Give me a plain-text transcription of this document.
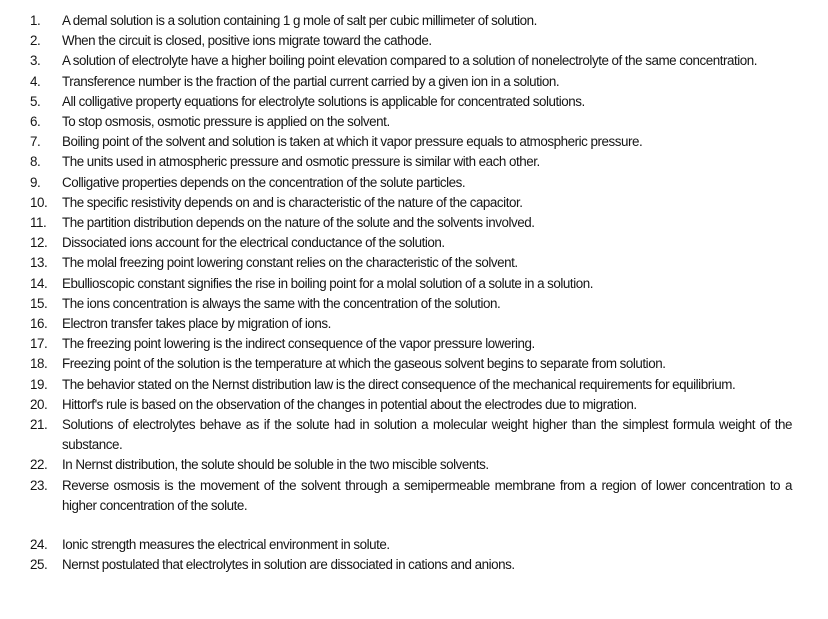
1.	A demal solution is a solution containing 1 g mole of salt per cubic millimeter of solution.
2.	When the circuit is closed, positive ions migrate toward the cathode.
3.	A solution of electrolyte have a higher boiling point elevation compared to a solution of nonelectrolyte of the same concentration.
4.	Transference number is the fraction of the partial current carried by a given ion in a solution.
5.	All colligative property equations for electrolyte solutions is applicable for concentrated solutions.
6.	To stop osmosis, osmotic pressure is applied on the solvent.
7.	Boiling point of the solvent and solution is taken at which it vapor pressure equals to atmospheric pressure.
8.	The units used in atmospheric pressure and osmotic pressure is similar with each other.
9.	Colligative properties depends on the concentration of the solute particles.
10.	The specific resistivity depends on and is characteristic of the nature of the capacitor.
11.	The partition distribution depends on the nature of the solute and the solvents involved.
12.	Dissociated ions account for the electrical conductance of the solution.
13.	The molal freezing point lowering constant relies on the characteristic of the solvent.
14.	Ebullioscopic constant signifies the rise in boiling point for a molal solution of a solute in a solution.
15.	The ions concentration is always the same with the concentration of the solution.
16.	Electron transfer takes place by migration of ions.
17.	The freezing point lowering is the indirect consequence of the vapor pressure lowering.
18.	Freezing point of the solution is the temperature at which the gaseous solvent begins to separate from solution.
19.	The behavior stated on the Nernst distribution law is the direct consequence of the mechanical requirements for equilibrium.
20.	Hittorf's rule is based on the observation of the changes in potential about the electrodes due to migration.
21.	Solutions of electrolytes behave as if the solute had in solution a molecular weight higher than the simplest formula weight of the substance.
22.	In Nernst distribution, the solute should be soluble in the two miscible solvents.
23.	Reverse osmosis is the movement of the solvent through a semipermeable membrane from a region of lower concentration to a higher concentration of the solute.
24.	Ionic strength measures the electrical environment in solute.
25.	Nernst postulated that electrolytes in solution are dissociated in cations and anions.
